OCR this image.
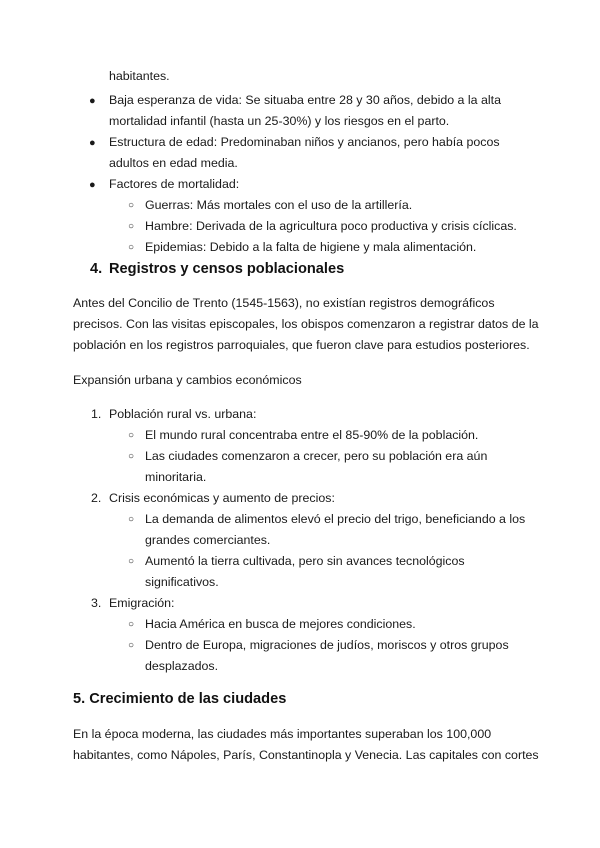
habitantes.
● Baja esperanza de vida: Se situaba entre 28 y 30 años, debido a la alta
mortalidad infantil (hasta un 25-30%) y los riesgos en el parto.
● Estructura de edad: Predominaban niños y ancianos, pero había pocos
adultos en edad media.
● Factores de mortalidad:
○ Guerras: Más mortales con el uso de la artillería.
○ Hambre: Derivada de la agricultura poco productiva y crisis cíclicas.
○ Epidemias: Debido a la falta de higiene y mala alimentación.
4. Registros y censos poblacionales
Antes del Concilio de Trento (1545-1563), no existían registros demográficos
precisos. Con las visitas episcopales, los obispos comenzaron a registrar datos de la
población en los registros parroquiales, que fueron clave para estudios posteriores.
Expansión urbana y cambios económicos
1. Población rural vs. urbana:
○ El mundo rural concentraba entre el 85-90% de la población.
○ Las ciudades comenzaron a crecer, pero su población era aún
minoritaria.
2. Crisis económicas y aumento de precios:
○ La demanda de alimentos elevó el precio del trigo, beneficiando a los
grandes comerciantes.
○ Aumentó la tierra cultivada, pero sin avances tecnológicos
significativos.
3. Emigración:
○ Hacia América en busca de mejores condiciones.
○ Dentro de Europa, migraciones de judíos, moriscos y otros grupos
desplazados.
5. Crecimiento de las ciudades
En la época moderna, las ciudades más importantes superaban los 100,000
habitantes, como Nápoles, París, Constantinopla y Venecia. Las capitales con cortes
